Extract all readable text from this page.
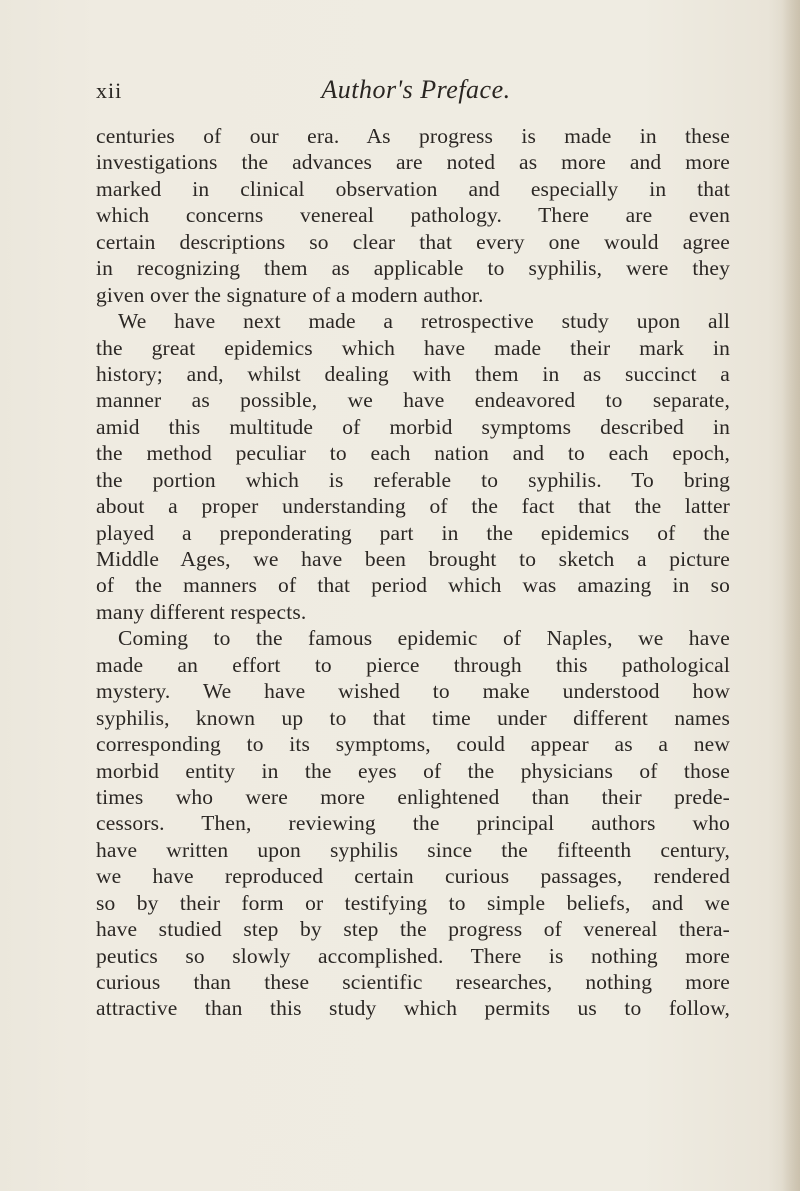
xii	Author's Preface.
centuries of our era. As progress is made in these
investigations the advances are noted as more and more
marked in clinical observation and especially in that
which concerns venereal pathology. There are even
certain descriptions so clear that every one would agree
in recognizing them as applicable to syphilis, were they
given over the signature of a modern author.
We have next made a retrospective study upon all
the great epidemics which have made their mark in
history; and, whilst dealing with them in as succinct a
manner as possible, we have endeavored to separate,
amid this multitude of morbid symptoms described in
the method peculiar to each nation and to each epoch,
the portion which is referable to syphilis. To bring
about a proper understanding of the fact that the latter
played a preponderating part in the epidemics of the
Middle Ages, we have been brought to sketch a picture
of the manners of that period which was amazing in so
many different respects.
Coming to the famous epidemic of Naples, we have
made an effort to pierce through this pathological
mystery. We have wished to make understood how
syphilis, known up to that time under different names
corresponding to its symptoms, could appear as a new
morbid entity in the eyes of the physicians of those
times who were more enlightened than their prede-
cessors. Then, reviewing the principal authors who
have written upon syphilis since the fifteenth century,
we have reproduced certain curious passages, rendered
so by their form or testifying to simple beliefs, and we
have studied step by step the progress of venereal thera-
peutics so slowly accomplished. There is nothing more
curious than these scientific researches, nothing more
attractive than this study which permits us to follow,
